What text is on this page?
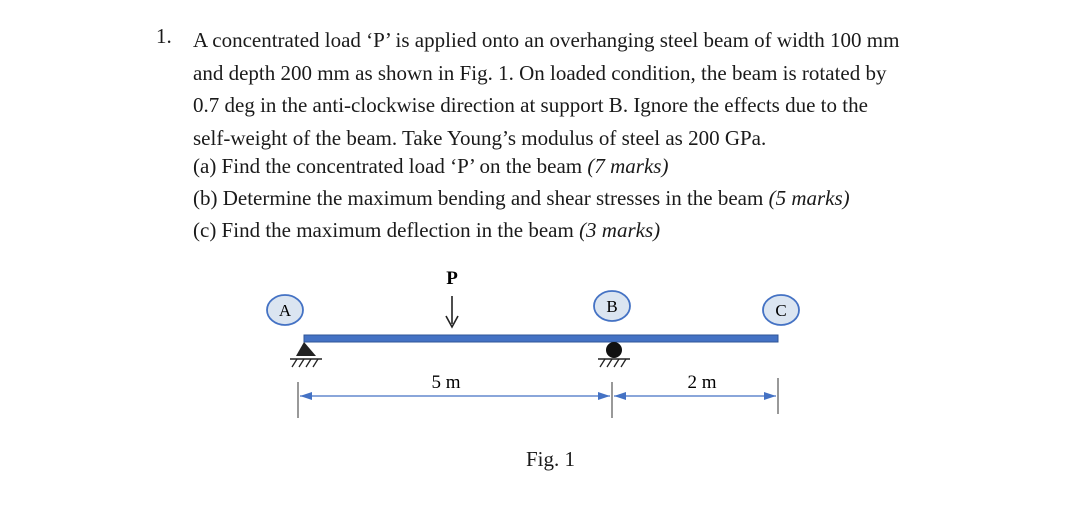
1. A concentrated load ‘P’ is applied onto an overhanging steel beam of width 100 mm

and depth 200 mm as shown in Fig. 1. On loaded condition, the beam is rotated by

0.7 deg in the anti-clockwise direction at support B. Ignore the effects due to the

self-weight of the beam. Take Young’s modulus of steel as 200 GPa.

(a) Find the concentrated load ‘P’ on the beam (7 marks)
(b) Determine the maximum bending and shear stresses in the beam (5 marks)
(c) Find the maximum deflection in the beam (3 marks)
P
A	B	C
5 m	2 m
Fig. 1
